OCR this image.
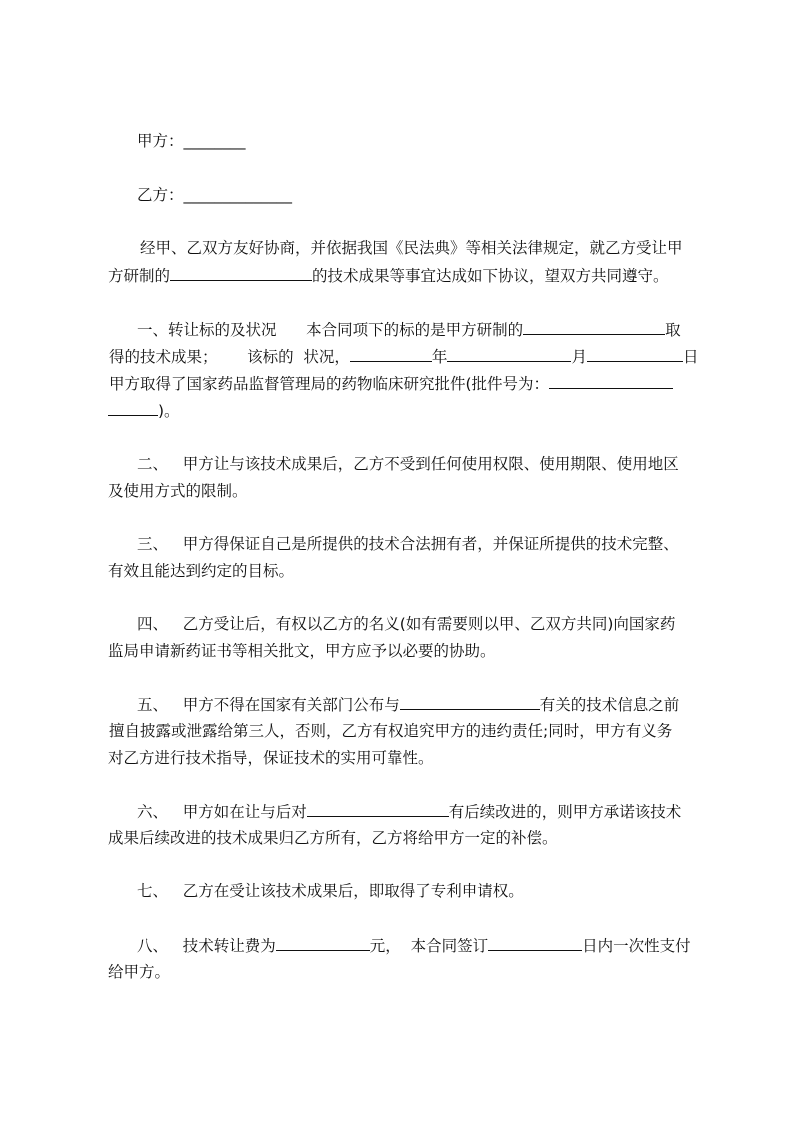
甲方：________
乙方：______________
经甲、乙双方友好协商，并依据我国《民法典》等相关法律规定，就乙方受让甲
方研制的	的技术成果等事宜达成如下协议，望双方共同遵守。
一、转让标的及状况      本合同项下的标的是甲方研制的	取
得的技术成果；      该标的  状况，	年	月	日
甲方取得了国家药品监督管理局的药物临床研究批件(批件号为：
)。
二、   甲方让与该技术成果后，乙方不受到任何使用权限、使用期限、使用地区
及使用方式的限制。
三、   甲方得保证自己是所提供的技术合法拥有者，并保证所提供的技术完整、
有效且能达到约定的目标。
四、   乙方受让后，有权以乙方的名义(如有需要则以甲、乙双方共同)向国家药
监局申请新药证书等相关批文，甲方应予以必要的协助。
五、   甲方不得在国家有关部门公布与	有关的技术信息之前
擅自披露或泄露给第三人，否则，乙方有权追究甲方的违约责任;同时，甲方有义务
对乙方进行技术指导，保证技术的实用可靠性。
六、   甲方如在让与后对	有后续改进的，则甲方承诺该技术
成果后续改进的技术成果归乙方所有，乙方将给甲方一定的补偿。
七、   乙方在受让该技术成果后，即取得了专利申请权。
八、   技术转让费为	元，  本合同签订	日内一次性支付
给甲方。
